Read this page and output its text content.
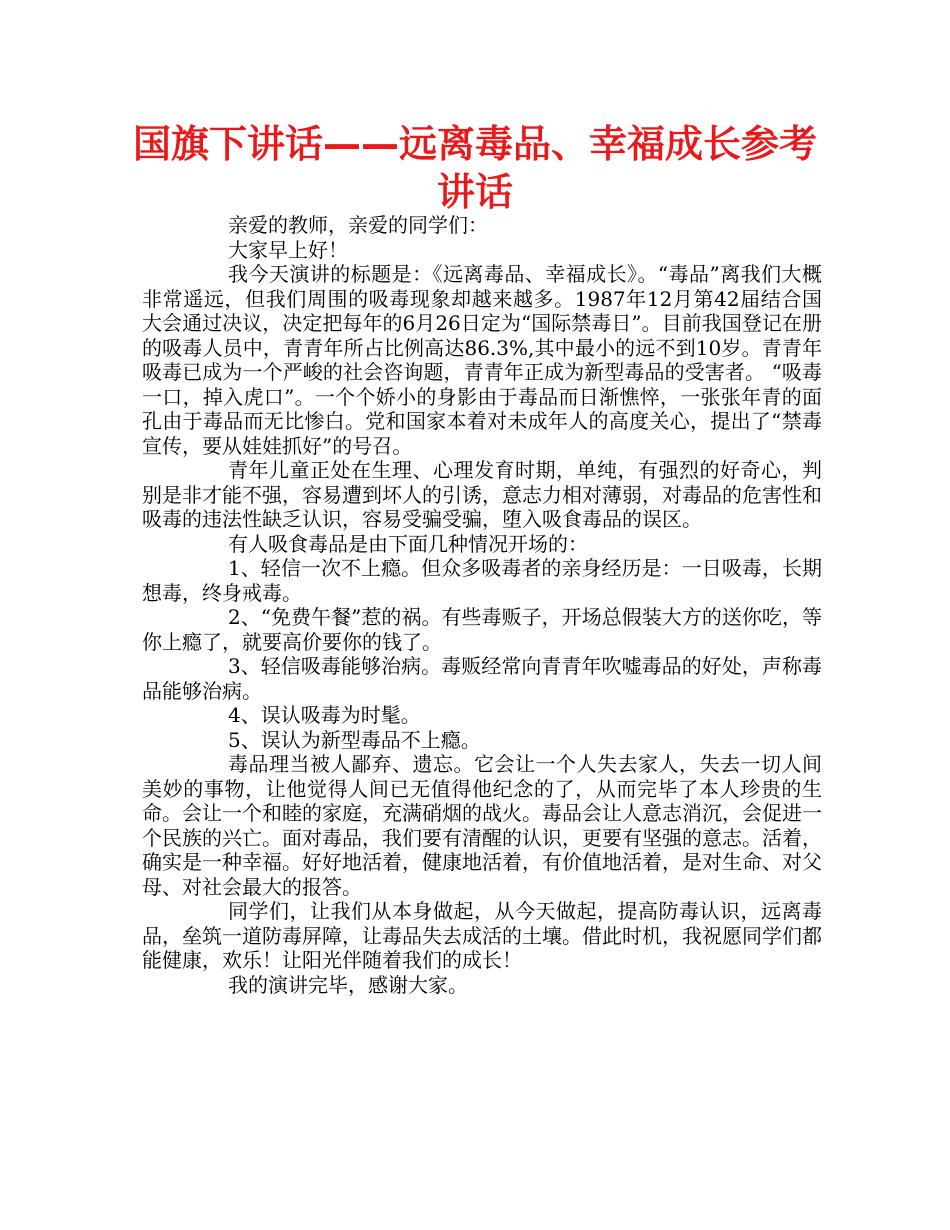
国旗下讲话——远离毒品、幸福成长参考讲话

亲爱的教师，亲爱的同学们：

大家早上好！

我今天演讲的标题是：《远离毒品、幸福成长》。“毒品”离我们大概非常遥远，但我们周围的吸毒现象却越来越多。1987年12月第42届结合国大会通过决议，决定把每年的6月26日定为“国际禁毒日”。目前我国登记在册的吸毒人员中，青青年所占比例高达86.3%,其中最小的远不到10岁。青青年吸毒已成为一个严峻的社会咨询题，青青年正成为新型毒品的受害者。 “吸毒一口，掉入虎口”。一个个娇小的身影由于毒品而日渐憔悴，一张张年青的面孔由于毒品而无比惨白。党和国家本着对未成年人的高度关心，提出了“禁毒宣传，要从娃娃抓好”的号召。

青年儿童正处在生理、心理发育时期，单纯，有强烈的好奇心，判别是非才能不强，容易遭到坏人的引诱，意志力相对薄弱，对毒品的危害性和吸毒的违法性缺乏认识，容易受骗受骗，堕入吸食毒品的误区。

有人吸食毒品是由下面几种情况开场的：

1、轻信一次不上瘾。但众多吸毒者的亲身经历是：一日吸毒，长期想毒，终身戒毒。

2、“免费午餐”惹的祸。有些毒贩子，开场总假装大方的送你吃，等你上瘾了，就要高价要你的钱了。

3、轻信吸毒能够治病。毒贩经常向青青年吹嘘毒品的好处，声称毒品能够治病。

4、误认吸毒为时髦。

5、误认为新型毒品不上瘾。

毒品理当被人鄙弃、遗忘。它会让一个人失去家人，失去一切人间美妙的事物，让他觉得人间已无值得他纪念的了，从而完毕了本人珍贵的生命。会让一个和睦的家庭，充满硝烟的战火。毒品会让人意志消沉，会促进一个民族的兴亡。面对毒品，我们要有清醒的认识，更要有坚强的意志。活着，确实是一种幸福。好好地活着，健康地活着，有价值地活着，是对生命、对父母、对社会最大的报答。

同学们，让我们从本身做起，从今天做起，提高防毒认识，远离毒品，垒筑一道防毒屏障，让毒品失去成活的土壤。借此时机，我祝愿同学们都能健康，欢乐！让阳光伴随着我们的成长！

我的演讲完毕，感谢大家。
